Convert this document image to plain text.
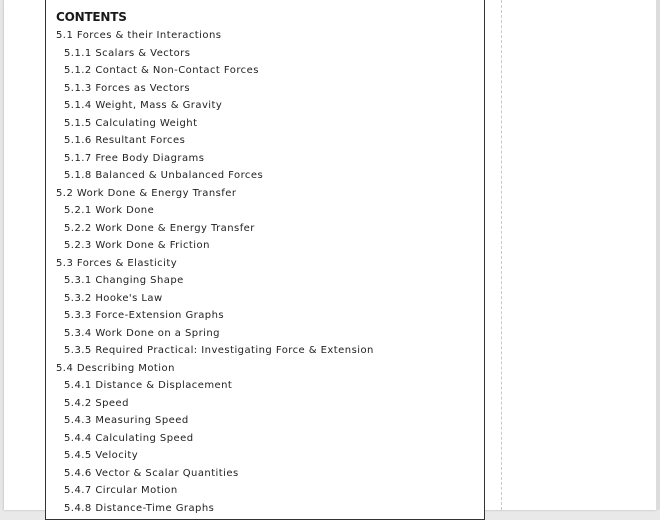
CONTENTS
5.1 Forces & their Interactions
5.1.1 Scalars & Vectors
5.1.2 Contact & Non-Contact Forces
5.1.3 Forces as Vectors
5.1.4 Weight, Mass & Gravity
5.1.5 Calculating Weight
5.1.6 Resultant Forces
5.1.7 Free Body Diagrams
5.1.8 Balanced & Unbalanced Forces
5.2 Work Done & Energy Transfer
5.2.1 Work Done
5.2.2 Work Done & Energy Transfer
5.2.3 Work Done & Friction
5.3 Forces & Elasticity
5.3.1 Changing Shape
5.3.2 Hooke's Law
5.3.3 Force-Extension Graphs
5.3.4 Work Done on a Spring
5.3.5 Required Practical: Investigating Force & Extension
5.4 Describing Motion
5.4.1 Distance & Displacement
5.4.2 Speed
5.4.3 Measuring Speed
5.4.4 Calculating Speed
5.4.5 Velocity
5.4.6 Vector & Scalar Quantities
5.4.7 Circular Motion
5.4.8 Distance-Time Graphs
